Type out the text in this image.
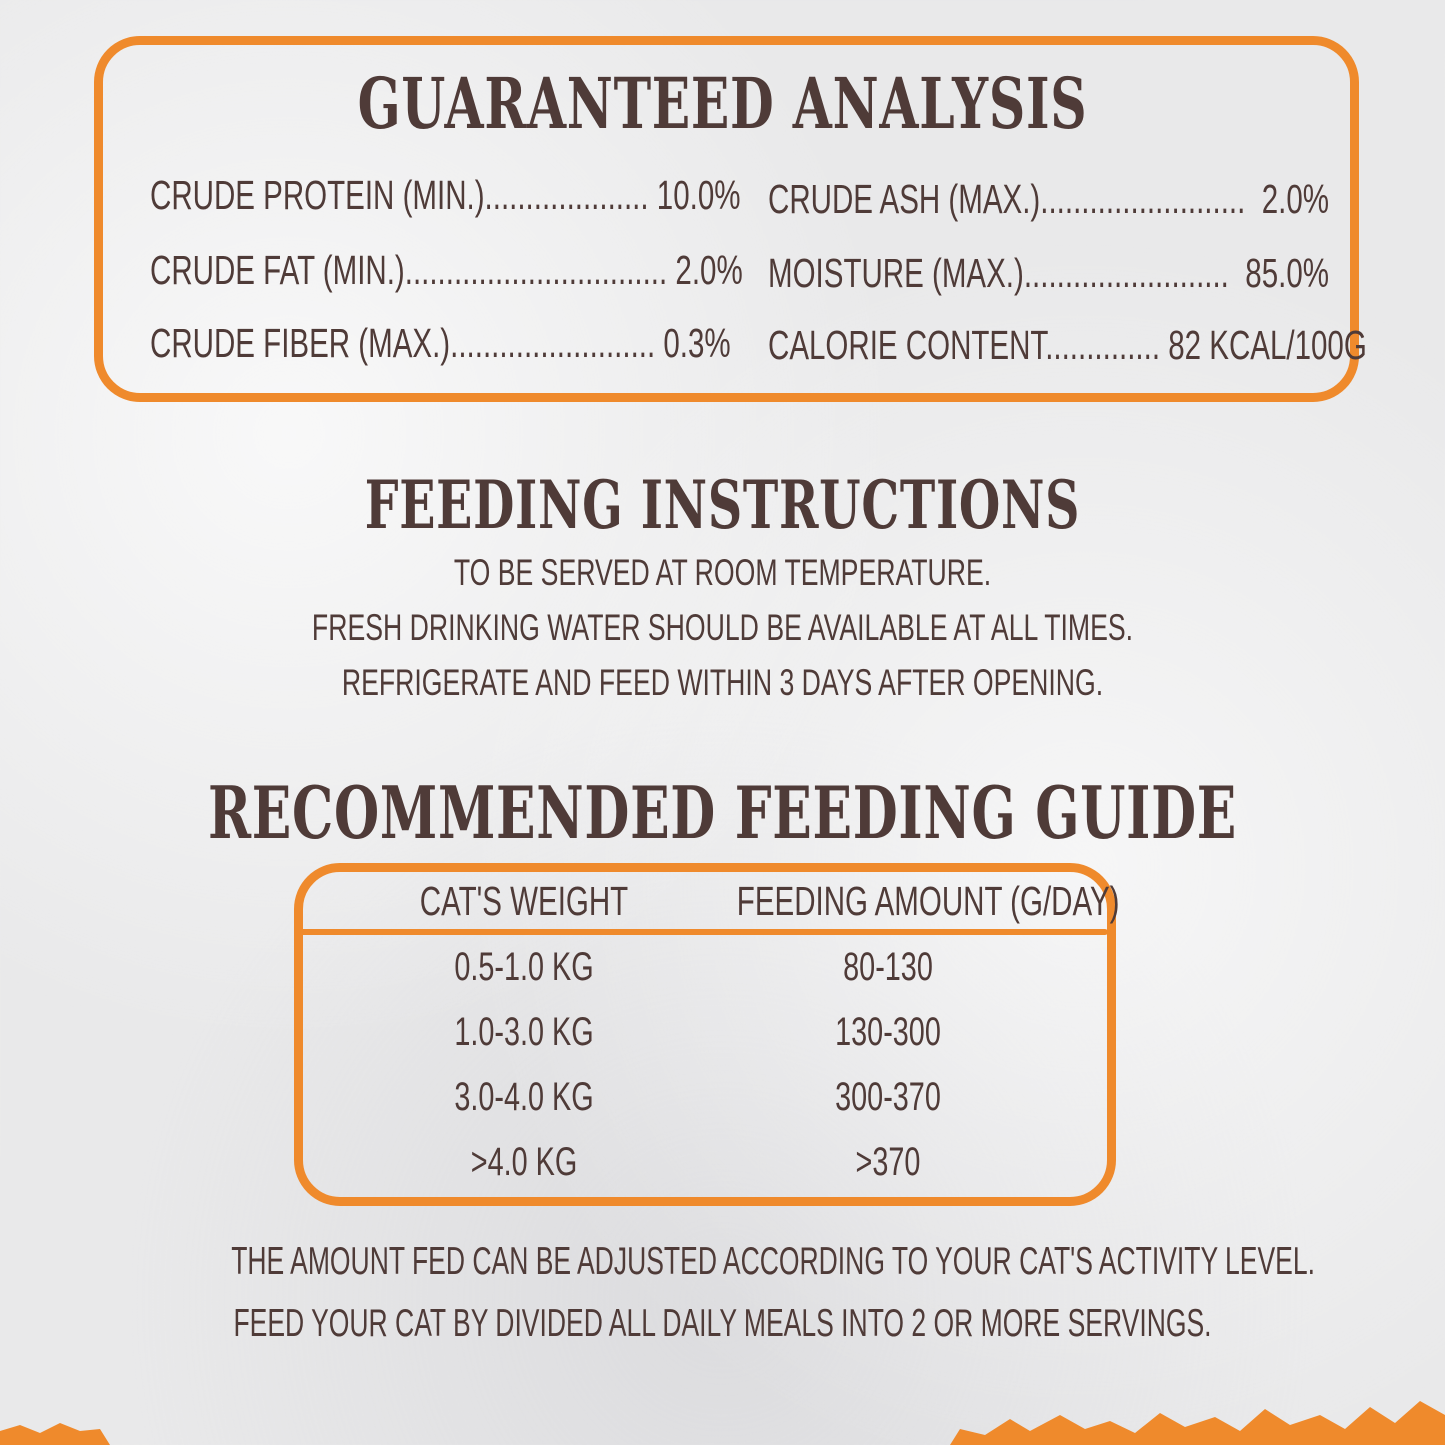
GUARANTEED ANALYSIS
CRUDE PROTEIN (MIN.).................... 10.0%
CRUDE FAT (MIN.)................................ 2.0%
CRUDE FIBER (MAX.)......................... 0.3%
CRUDE ASH (MAX.)......................... 2.0%
MOISTURE (MAX.)......................... 85.0%
CALORIE CONTENT.............. 82 KCAL/100G
FEEDING INSTRUCTIONS
TO BE SERVED AT ROOM TEMPERATURE.
FRESH DRINKING WATER SHOULD BE AVAILABLE AT ALL TIMES.
REFRIGERATE AND FEED WITHIN 3 DAYS AFTER OPENING.
RECOMMENDED FEEDING GUIDE
CAT'S WEIGHT	FEEDING AMOUNT (G/DAY)
0.5-1.0 KG	80-130
1.0-3.0 KG	130-300
3.0-4.0 KG	300-370
>4.0 KG	>370
THE AMOUNT FED CAN BE ADJUSTED ACCORDING TO YOUR CAT'S ACTIVITY LEVEL.
FEED YOUR CAT BY DIVIDED ALL DAILY MEALS INTO 2 OR MORE SERVINGS.
